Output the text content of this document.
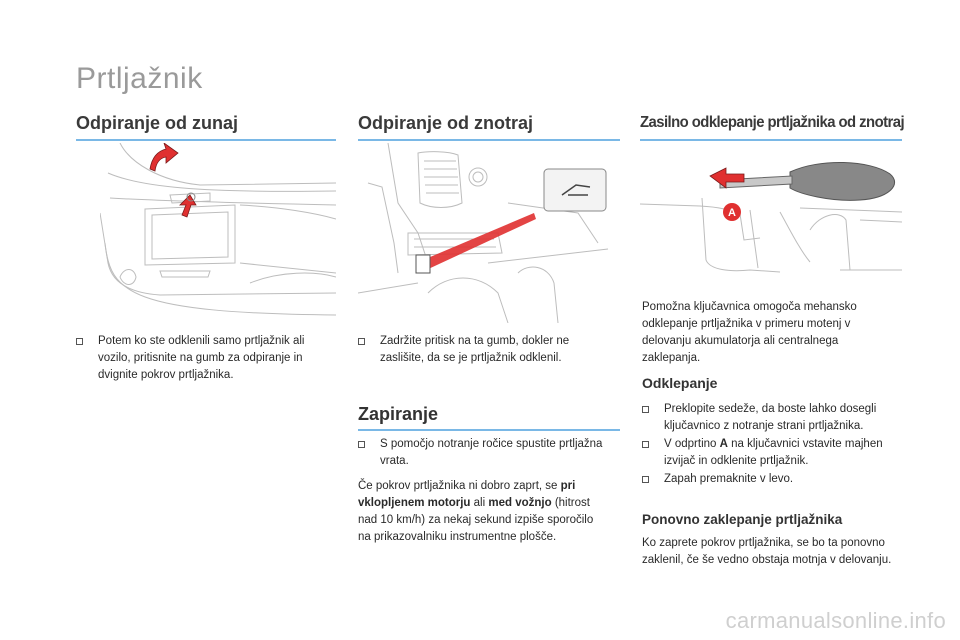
Prtljažnik
Odpiranje od zunaj	Odpiranje od znotraj	Zasilno odklepanje prtljažnika od znotraj
A
Potem ko ste odklenili samo prtljažnik ali vozilo, pritisnite na gumb za odpiranje in dvignite pokrov prtljažnika.
Zadržite pritisk na ta gumb, dokler ne zaslišite, da se je prtljažnik odklenil.
Zapiranje
S pomočjo notranje ročice spustite prtljažna vrata.
Če pokrov prtljažnika ni dobro zaprt, se pri vklopljenem motorju ali med vožnjo (hitrost nad 10 km/h) za nekaj sekund izpiše sporočilo na prikazovalniku instrumentne plošče.
Pomožna ključavnica omogoča mehansko odklepanje prtljažnika v primeru motenj v delovanju akumulatorja ali centralnega zaklepanja.
Odklepanje
Preklopite sedeže, da boste lahko dosegli ključavnico z notranje strani prtljažnika.
V odprtino A na ključavnici vstavite majhen izvijač in odklenite prtljažnik.
Zapah premaknite v levo.
Ponovno zaklepanje prtljažnika
Ko zaprete pokrov prtljažnika, se bo ta ponovno zaklenil, če še vedno obstaja motnja v delovanju.
carmanualsonline.info
